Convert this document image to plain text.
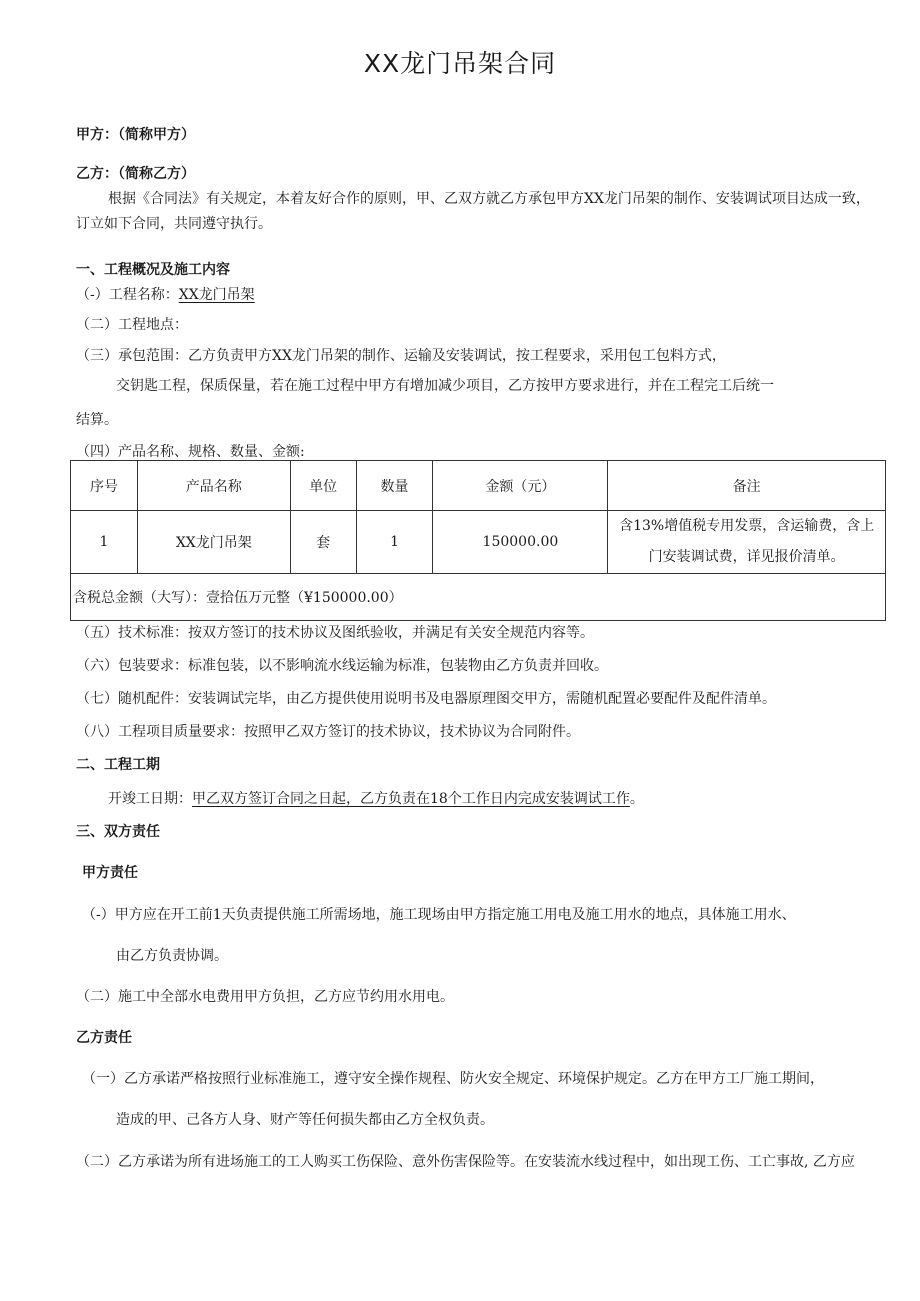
XX龙门吊架合同
甲方：（简称甲方）
乙方：（简称乙方）
根据《合同法》有关规定，本着友好合作的原则，甲、乙双方就乙方承包甲方XX龙门吊架的制作、安装调试项目达成一致，
订立如下合同，共同遵守执行。
一、工程概况及施工内容
（-）工程名称：XX龙门吊架
（二）工程地点：
（三）承包范围：乙方负责甲方XX龙门吊架的制作、运输及安装调试，按工程要求，采用包工包料方式，
交钥匙工程，保质保量，若在施工过程中甲方有增加减少项目，乙方按甲方要求进行，并在工程完工后统一
结算。
（四）产品名称、规格、数量、金额:
序号	产品名称	单位	数量	金额（元）	备注
1	XX龙门吊架	套	1	150000.00	含13%增值税专用发票，含运输费，含上门安装调试费，详见报价清单。
含税总金额（大写）：壹拾伍万元整（¥150000.00）					
（五）技术标准：按双方签订的技术协议及图纸验收，并满足有关安全规范内容等。
（六）包装要求：标准包装，以不影响流水线运输为标准，包装物由乙方负责并回收。
（七）随机配件：安装调试完毕，由乙方提供使用说明书及电器原理图交甲方，需随机配置必要配件及配件清单。
（八）工程项目质量要求：按照甲乙双方签订的技术协议，技术协议为合同附件。
二、工程工期
开竣工日期：甲乙双方签订合同之日起，乙方负责在18个工作日内完成安装调试工作。
三、双方责任
甲方责任
（-）甲方应在开工前1天负责提供施工所需场地，施工现场由甲方指定施工用电及施工用水的地点，具体施工用水、
由乙方负责协调。
（二）施工中全部水电费用甲方负担，乙方应节约用水用电。
乙方责任
（一）乙方承诺严格按照行业标准施工，遵守安全操作规程、防火安全规定、环境保护规定。乙方在甲方工厂施工期间，
造成的甲、己各方人身、财产等任何损失都由乙方全权负责。
（二）乙方承诺为所有进场施工的工人购买工伤保险、意外伤害保险等。在安装流水线过程中，如出现工伤、工亡事故, 乙方应
